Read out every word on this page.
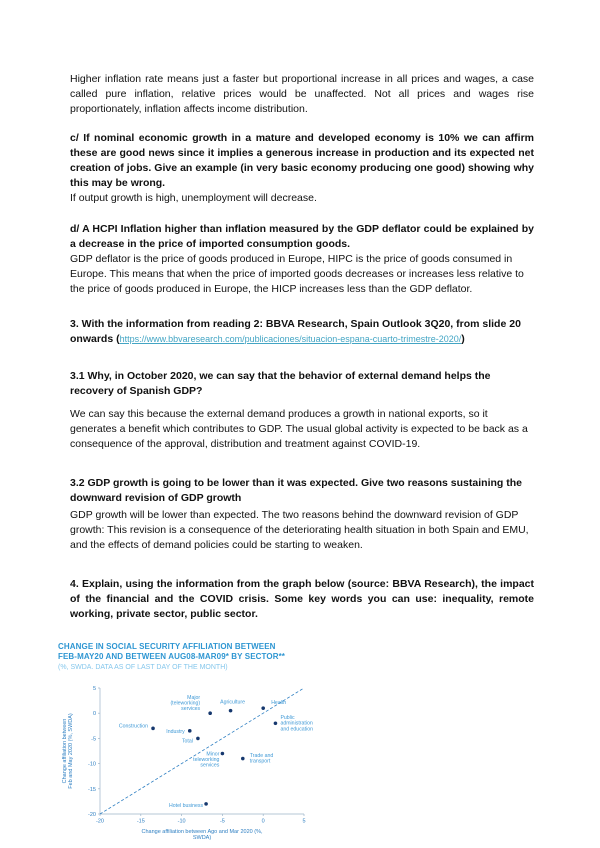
Higher inflation rate means just a faster but proportional increase in all prices and wages, a case called pure inflation, relative prices would be unaffected. Not all prices and wages rise proportionately, inflation affects income distribution.

c/ If nominal economic growth in a mature and developed economy is 10% we can affirm these are good news since it implies a generous increase in production and its expected net creation of jobs. Give an example (in very basic economy producing one good) showing why this may be wrong.

If output growth is high, unemployment will decrease.

d/ A HCPI Inflation higher than inflation measured by the GDP deflator could be explained by a decrease in the price of imported consumption goods.

GDP deflator is the price of goods produced in Europe, HIPC is the price of goods consumed in Europe. This means that when the price of imported goods decreases or increases less relative to the price of goods produced in Europe, the HICP increases less than the GDP deflator.

3. With the information from reading 2: BBVA Research, Spain Outlook 3Q20, from slide 20 onwards (https://www.bbvaresearch.com/publicaciones/situacion-espana-cuarto-trimestre-2020/)

3.1 Why, in October 2020, we can say that the behavior of external demand helps the recovery of Spanish GDP?

We can say this because the external demand produces a growth in national exports, so it generates a benefit which contributes to GDP. The usual global activity is expected to be back as a consequence of the approval, distribution and treatment against COVID-19.

3.2 GDP growth is going to be lower than it was expected. Give two reasons sustaining the downward revision of GDP growth

GDP growth will be lower than expected. The two reasons behind the downward revision of GDP growth: This revision is a consequence of the deteriorating health situation in both Spain and EMU, and the effects of demand policies could be starting to weaken.

4. Explain, using the information from the graph below (source: BBVA Research), the impact of the financial and the COVID crisis. Some key words you can use: inequality, remote working, private sector, public sector.

CHANGE IN SOCIAL SECURITY AFFILIATION BETWEEN FEB-MAY20 AND BETWEEN AUG08-MAR09* BY SECTOR**
(%, SWDA. DATA AS OF LAST DAY OF THE MONTH)
-20	-15	-10	-5	0	5
5
0
-5
-10
-15
-20
Major (teleworking) services
Agriculture	Health
Construction
Public administration and education
Industry
Total
Minor teleworking services
Trade and transport
Hotel business
Change affiliation between Ago and Mar 2020 (%, SWDA)
Change affiliation betweenFeb and May 2020 (%, SWDA)
